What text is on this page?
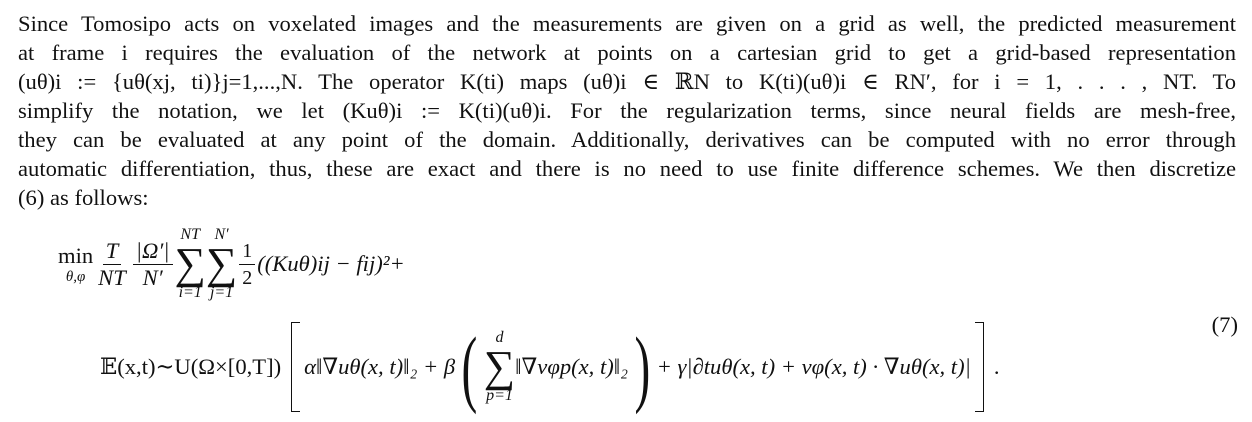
Since Tomosipo acts on voxelated images and the measurements are given on a grid as well, the predicted measurement
at frame i requires the evaluation of the network at points on a cartesian grid to get a grid-based representation
(uθ)i := {uθ(xj, ti)}j=1,...,N. The operator K(ti) maps (uθ)i ∈ ℝN to K(ti)(uθ)i ∈ RN′, for i = 1, . . . , NT. To
simplify the notation, we let (Kuθ)i := K(ti)(uθ)i. For the regularization terms, since neural fields are mesh-free,
they can be evaluated at any point of the domain. Additionally, derivatives can be computed with no error through
automatic differentiation, thus, these are exact and there is no need to use finite difference schemes. We then discretize
(6) as follows:
min
$\theta,\varphi \frac{T}{NT} \frac{|\Omega'|}{N'}$
NT
∑
i=1
N′
∑
j=1
$\frac{1}{2} ((Ku\theta)ij - fij)^2+$
𝔼(x,t)∼U(Ω×[0,T]) α‖∇uθ(x, t)‖₂ + β ( d
∑
p=1
‖∇vφp(x, t)‖₂ ) + γ|∂tuθ(x, t) + vφ(x, t) · ∇uθ(x, t)| .
(7)
